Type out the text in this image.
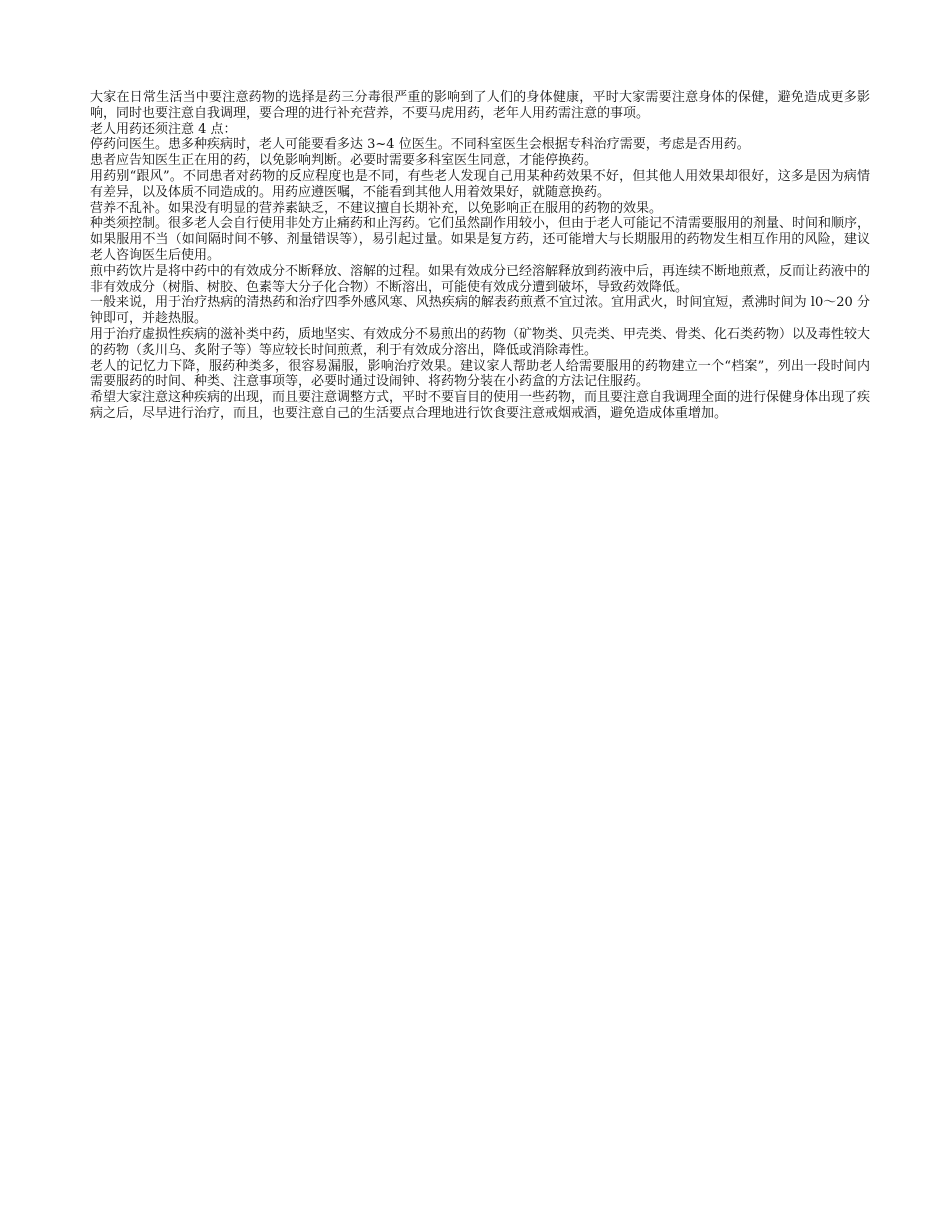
大家在日常生活当中要注意药物的选择是药三分毒很严重的影响到了人们的身体健康，平时大家需要注意身体的保健，避免造成更多影响，同时也要注意自我调理，要合理的进行补充营养，不要马虎用药，老年人用药需注意的事项。

老人用药还须注意 4 点：

停药问医生。患多种疾病时，老人可能要看多达 3~4 位医生。不同科室医生会根据专科治疗需要，考虑是否用药。

患者应告知医生正在用的药，以免影响判断。必要时需要多科室医生同意，才能停换药。

用药别“跟风”。不同患者对药物的反应程度也是不同，有些老人发现自己用某种药效果不好，但其他人用效果却很好，这多是因为病情有差异，以及体质不同造成的。用药应遵医嘱，不能看到其他人用着效果好，就随意换药。

营养不乱补。如果没有明显的营养素缺乏，不建议擅自长期补充，以免影响正在服用的药物的效果。

种类须控制。很多老人会自行使用非处方止痛药和止泻药。它们虽然副作用较小，但由于老人可能记不清需要服用的剂量、时间和顺序，如果服用不当（如间隔时间不够、剂量错误等），易引起过量。如果是复方药，还可能增大与长期服用的药物发生相互作用的风险，建议老人咨询医生后使用。

煎中药饮片是将中药中的有效成分不断释放、溶解的过程。如果有效成分已经溶解释放到药液中后，再连续不断地煎煮，反而让药液中的非有效成分（树脂、树胶、色素等大分子化合物）不断溶出，可能使有效成分遭到破坏，导致药效降低。

一般来说，用于治疗热病的清热药和治疗四季外感风寒、风热疾病的解表药煎煮不宜过浓。宜用武火，时间宜短，煮沸时间为 l0～20 分钟即可，并趁热服。

用于治疗虚损性疾病的滋补类中药，质地坚实、有效成分不易煎出的药物（矿物类、贝壳类、甲壳类、骨类、化石类药物）以及毒性较大的药物（炙川乌、炙附子等）等应较长时间煎煮，利于有效成分溶出，降低或消除毒性。

老人的记忆力下降，服药种类多，很容易漏服，影响治疗效果。建议家人帮助老人给需要服用的药物建立一个“档案”，列出一段时间内需要服药的时间、种类、注意事项等，必要时通过设闹钟、将药物分装在小药盒的方法记住服药。

希望大家注意这种疾病的出现，而且要注意调整方式，平时不要盲目的使用一些药物，而且要注意自我调理全面的进行保健身体出现了疾病之后，尽早进行治疗，而且，也要注意自己的生活要点合理地进行饮食要注意戒烟戒酒，避免造成体重增加。
